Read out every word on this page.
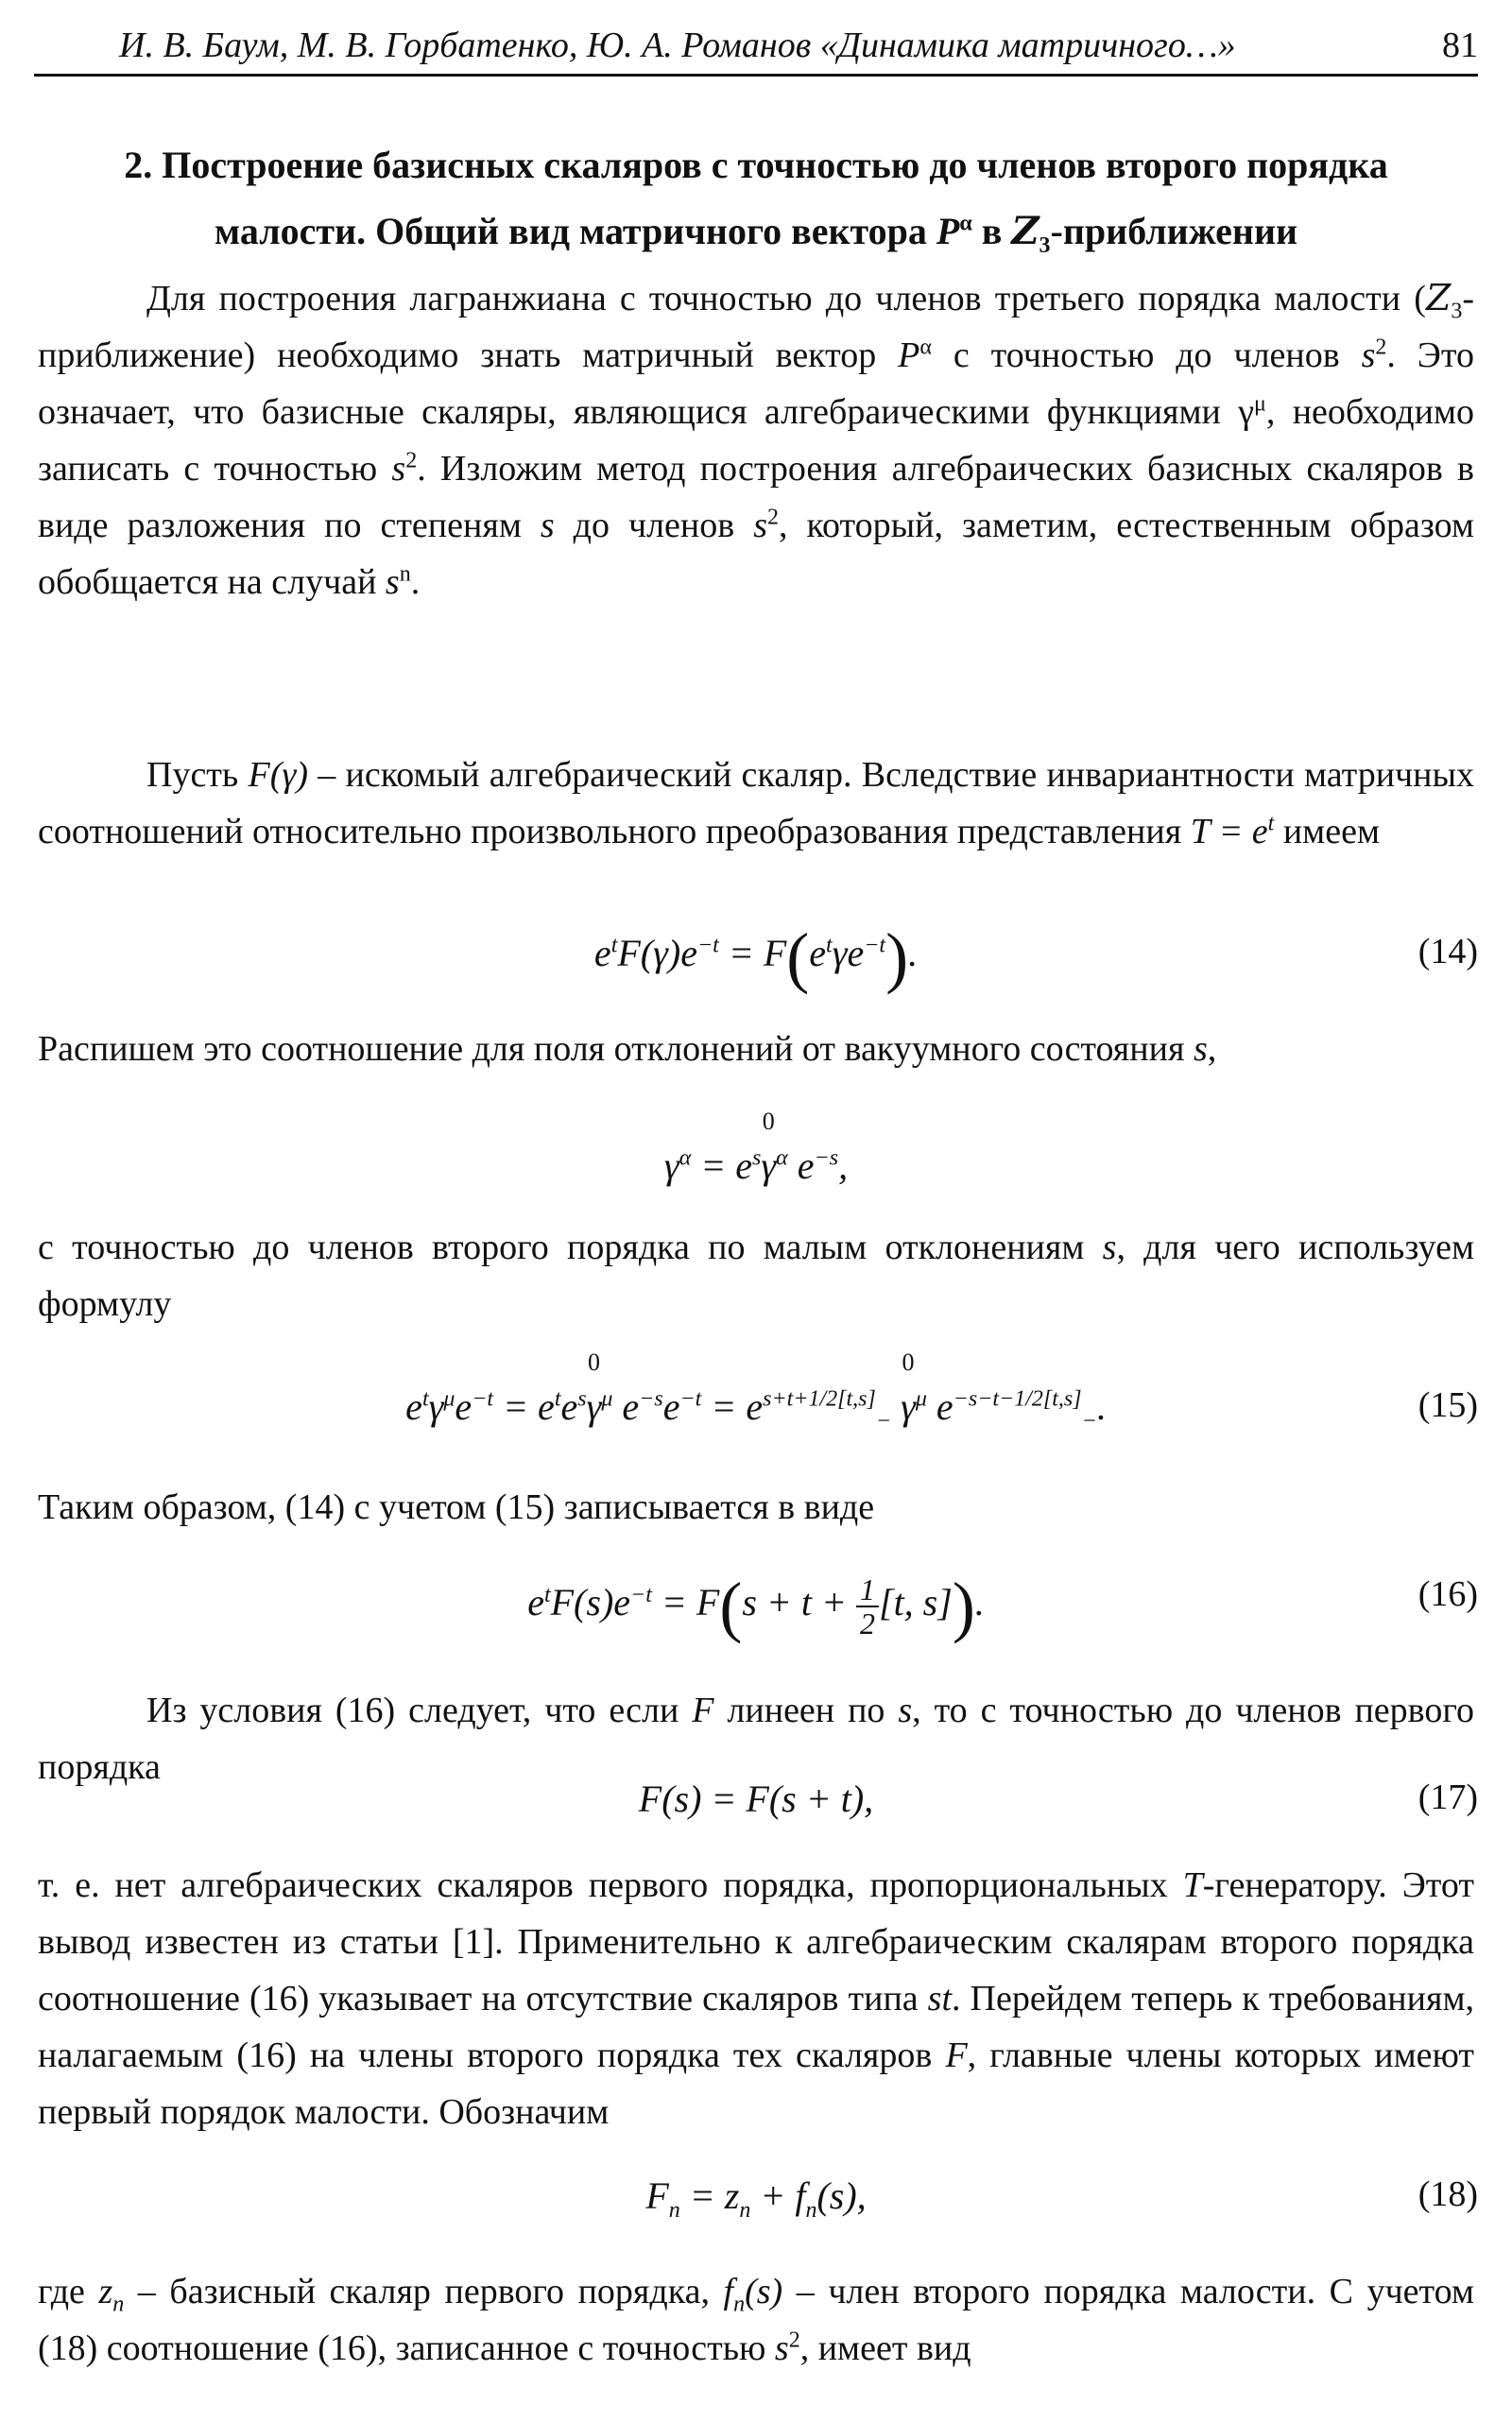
И. В. Баум, М. В. Горбатенко, Ю. А. Романов «Динамика матричного…»	81
2. Построение базисных скаляров с точностью до членов второго порядка
малости. Общий вид матричного вектора $P^\alpha$ в $Z_3$-приближении
Для построения лагранжиана с точностью до членов третьего порядка малости $(Z_3-приближение)$ необходимо знать матричный вектор $P^\alpha$ с точностью до членов $s^2$. Это означает, что базисные скаляры, являющися алгебраическими функциями $\gamma^\mu$, необходимо записать с точностью $s^2$. Изложим метод построения алгебраических базисных скаляров в виде разложения по степеням s до членов $s^2$, который, заметим, естественным образом обобщается на случай $s^n$.
Пусть F(γ) – искомый алгебраический скаляр. Вследствие инвариантности матричных соотношений относительно произвольного преобразования представления $T = e^t$ имеем
$e^tF(\gamma)e^{-t} = F(e^t\gamma e^{-t})$.	(14)
Распишем это соотношение для поля отклонений от вакуумного состояния s,
$\gamma^\alpha = e^s$
0
$\gamma^\alpha$ $e^{-s}$,
с точностью до членов второго порядка по малым отклонениям s, для чего используем формулу
$e^t\gamma^\mu e^{-t} = e^te^s$
0
$\gamma^\mu$ $e^{-s}e^{-t} = e^{s+t+1/2[t,s]}_-$
0
$\gamma^\mu$ $e^{-s-t-1/2[t,s]}_-$.	(15)
Таким образом, (14) с учетом (15) записывается в виде
$e^tF(s)e^{-t} = F(s + t + \frac{1}{2} [t$, s]).	(16)
Из условия (16) следует, что если F линеен по s, то с точностью до членов первого порядка
F(s) = F(s + t),	(17)
т. е. нет алгебраических скаляров первого порядка, пропорциональных T-генератору. Этот вывод известен из статьи [1]. Применительно к алгебраическим скалярам второго порядка соотношение (16) указывает на отсутствие скаляров типа st. Перейдем теперь к требованиям, налагаемым (16) на члены второго порядка тех скаляров F, главные члены которых имеют первый порядок малости. Обозначим
$F_n = z_n + f_n(s)$,	(18)
где $z_n$ – базисный скаляр первого порядка, $f_n(s)$ – член второго порядка малости. С учетом (18) соотношение (16), записанное с точностью $s^2$, имеет вид
